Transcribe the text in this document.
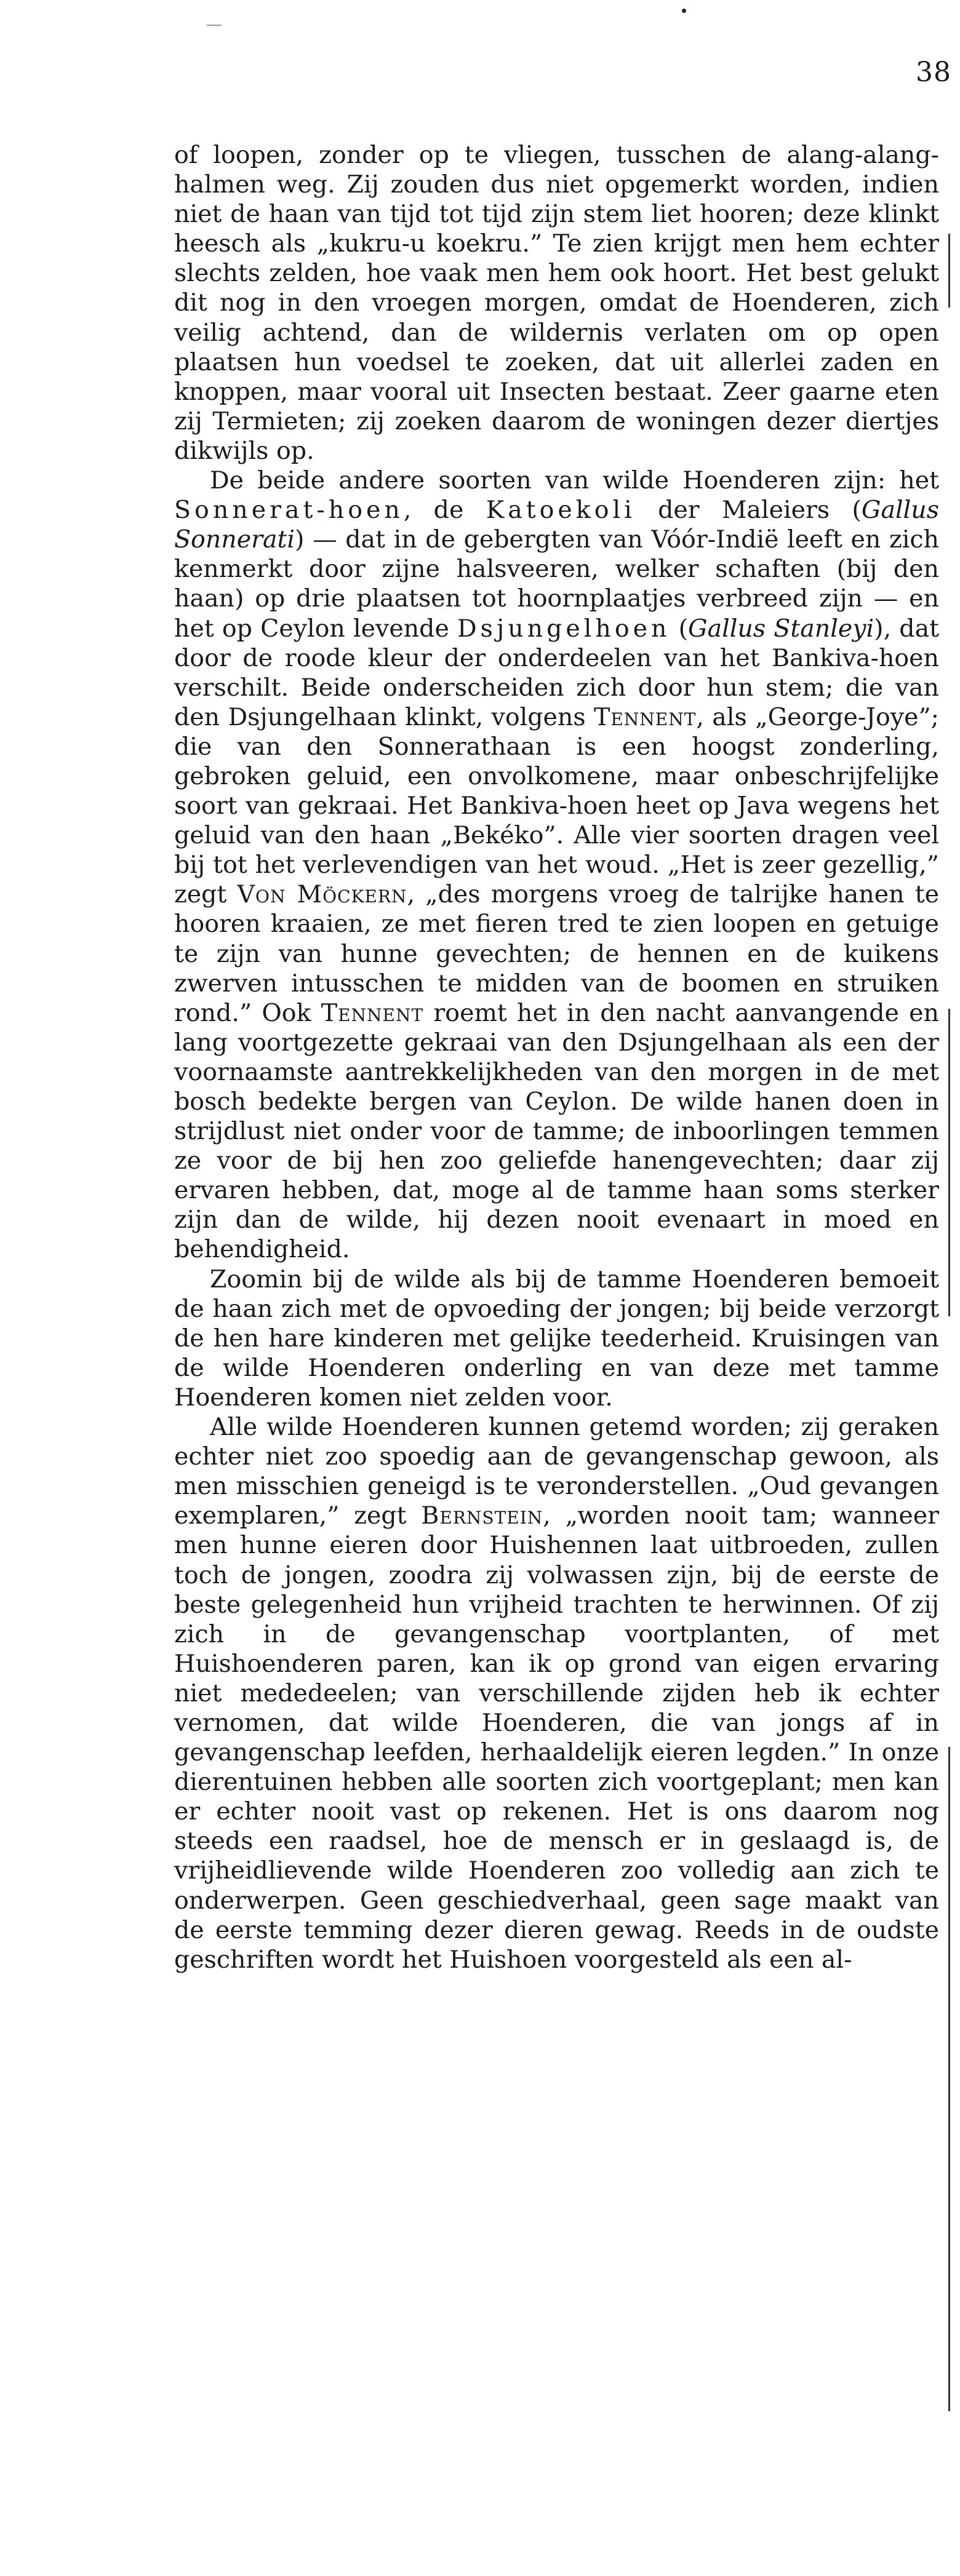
38

of loopen, zonder op te vliegen, tusschen de alang-alang-halmen weg. Zij zouden dus niet opgemerkt worden, indien niet de haan van tijd tot tijd zijn stem liet hooren; deze klinkt heesch als „kukru-u koekru.” Te zien krijgt men hem echter slechts zelden, hoe vaak men hem ook hoort. Het best gelukt dit nog in den vroegen morgen, omdat de Hoenderen, zich veilig achtend, dan de wildernis verlaten om op open plaatsen hun voedsel te zoeken, dat uit allerlei zaden en knoppen, maar vooral uit Insecten bestaat. Zeer gaarne eten zij Termieten; zij zoeken daarom de woningen dezer diertjes dikwijls op.

De beide andere soorten van wilde Hoenderen zijn: het Sonnerat-hoen, de Katoekoli der Maleiers (Gallus Sonnerati) — dat in de gebergten van Vóór-Indië leeft en zich kenmerkt door zijne halsveeren, welker schaften (bij den haan) op drie plaatsen tot hoornplaatjes verbreed zijn — en het op Ceylon levende Dsjungelhoen (Gallus Stanleyi), dat door de roode kleur der onderdeelen van het Bankiva-hoen verschilt. Beide onderscheiden zich door hun stem; die van den Dsjungelhaan klinkt, volgens Tennent, als „George-Joye”; die van den Sonnerathaan is een hoogst zonderling, gebroken geluid, een onvolkomene, maar onbeschrijfelijke soort van gekraai. Het Bankiva-hoen heet op Java wegens het geluid van den haan „Bekéko”. Alle vier soorten dragen veel bij tot het verlevendigen van het woud. „Het is zeer gezellig,” zegt Von Möckern, „des morgens vroeg de talrijke hanen te hooren kraaien, ze met fieren tred te zien loopen en getuige te zijn van hunne gevechten; de hennen en de kuikens zwerven intusschen te midden van de boomen en struiken rond.” Ook Tennent roemt het in den nacht aanvangende en lang voortgezette gekraai van den Dsjungelhaan als een der voornaamste aantrekkelijkheden van den morgen in de met bosch bedekte bergen van Ceylon. De wilde hanen doen in strijdlust niet onder voor de tamme; de inboorlingen temmen ze voor de bij hen zoo geliefde hanengevechten; daar zij ervaren hebben, dat, moge al de tamme haan soms sterker zijn dan de wilde, hij dezen nooit evenaart in moed en behendigheid.

Zoomin bij de wilde als bij de tamme Hoenderen bemoeit de haan zich met de opvoeding der jongen; bij beide verzorgt de hen hare kinderen met gelijke teederheid. Kruisingen van de wilde Hoenderen onderling en van deze met tamme Hoenderen komen niet zelden voor.

Alle wilde Hoenderen kunnen getemd worden; zij geraken echter niet zoo spoedig aan de gevangenschap gewoon, als men misschien geneigd is te veronderstellen. „Oud gevangen exemplaren,” zegt Bernstein, „worden nooit tam; wanneer men hunne eieren door Huishennen laat uitbroeden, zullen toch de jongen, zoodra zij volwassen zijn, bij de eerste de beste gelegenheid hun vrijheid trachten te herwinnen. Of zij zich in de gevangenschap voortplanten, of met Huishoenderen paren, kan ik op grond van eigen ervaring niet mededeelen; van verschillende zijden heb ik echter vernomen, dat wilde Hoenderen, die van jongs af in gevangenschap leefden, herhaaldelijk eieren legden.” In onze dierentuinen hebben alle soorten zich voortgeplant; men kan er echter nooit vast op rekenen. Het is ons daarom nog steeds een raadsel, hoe de mensch er in geslaagd is, de vrijheidlievende wilde Hoenderen zoo volledig aan zich te onderwerpen. Geen geschiedverhaal, geen sage maakt van de eerste temming dezer dieren gewag. Reeds in de oudste geschriften wordt het Huishoen voorgesteld als een al-
